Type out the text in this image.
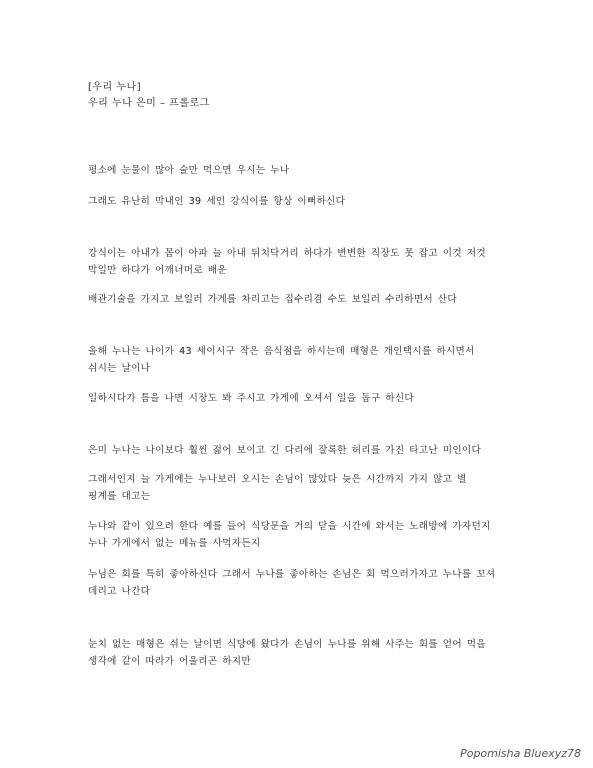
[우리 누나]
우리 누나 은미 – 프롤로그
평소에 눈물이 많아 술만 먹으면 우시는 누나
그래도 유난히 막내인 39 세인 강식이를 항상 이뻐하신다
강식이는 아내가 몸이 아파 늘 아내 뒤치닥거리 하다가 변변한 직장도 못 잡고 이것 저것
막일만 하다가 어깨너머로 배운
배관기술을 가지고 보일러 가게를 차리고는 집수리겸 수도 보일러 수리하면서 산다
올해 누나는 나이가 43 세이시구 작은 음식점을 하시는데 매형은 개인택시를 하시면서
쉬시는 날이나
일하시다가 틈을 나면 시장도 봐 주시고 가게에 오셔서 일을 돕구 하신다
은미 누나는 나이보다 훨씬 젊어 보이고 긴 다리에 잘록한 허리를 가진 타고난 미인이다
그래서인지 늘 가게에는 누나보러 오시는 손님이 많았다 늦은 시간까지 가지 않고 별
핑계를 대고는
누나와 같이 있으려 한다 예를 들어 식당문을 거의 닫을 시간에 와서는 노래방에 가자던지
누나 가게에서 없는 메뉴를 사먹자든지
누님은 회를 특히 좋아하신다 그래서 누나를 좋아하는 손님은 회 먹으러가자고 누나를 꼬셔
데리고 나간다
눈치 없는 매형은 쉬는 날이면 식당에 왔다가 손님이 누나를 위해 사주는 회를 얻어 먹을
생각에 같이 따라가 어울리곤 하지만
Popomisha Bluexyz78
